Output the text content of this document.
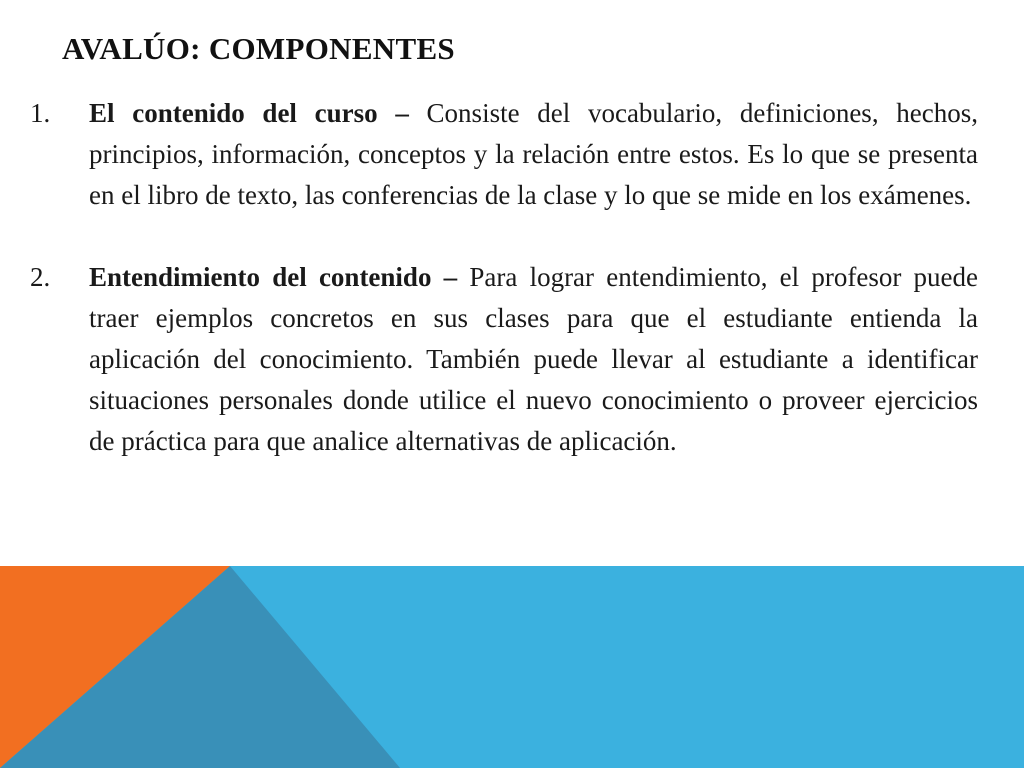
AVALÚO: COMPONENTES
1.	El contenido del curso – Consiste del vocabulario, definiciones, hechos, principios, información, conceptos y la relación entre estos. Es lo que se presenta en el libro de texto, las conferencias de la clase y lo que se mide en los exámenes.
2.	Entendimiento del contenido – Para lograr entendimiento, el profesor puede traer ejemplos concretos en sus clases para que el estudiante entienda la aplicación del conocimiento. También puede llevar al estudiante a identificar situaciones personales donde utilice el nuevo conocimiento o proveer ejercicios de práctica para que analice alternativas de aplicación.
